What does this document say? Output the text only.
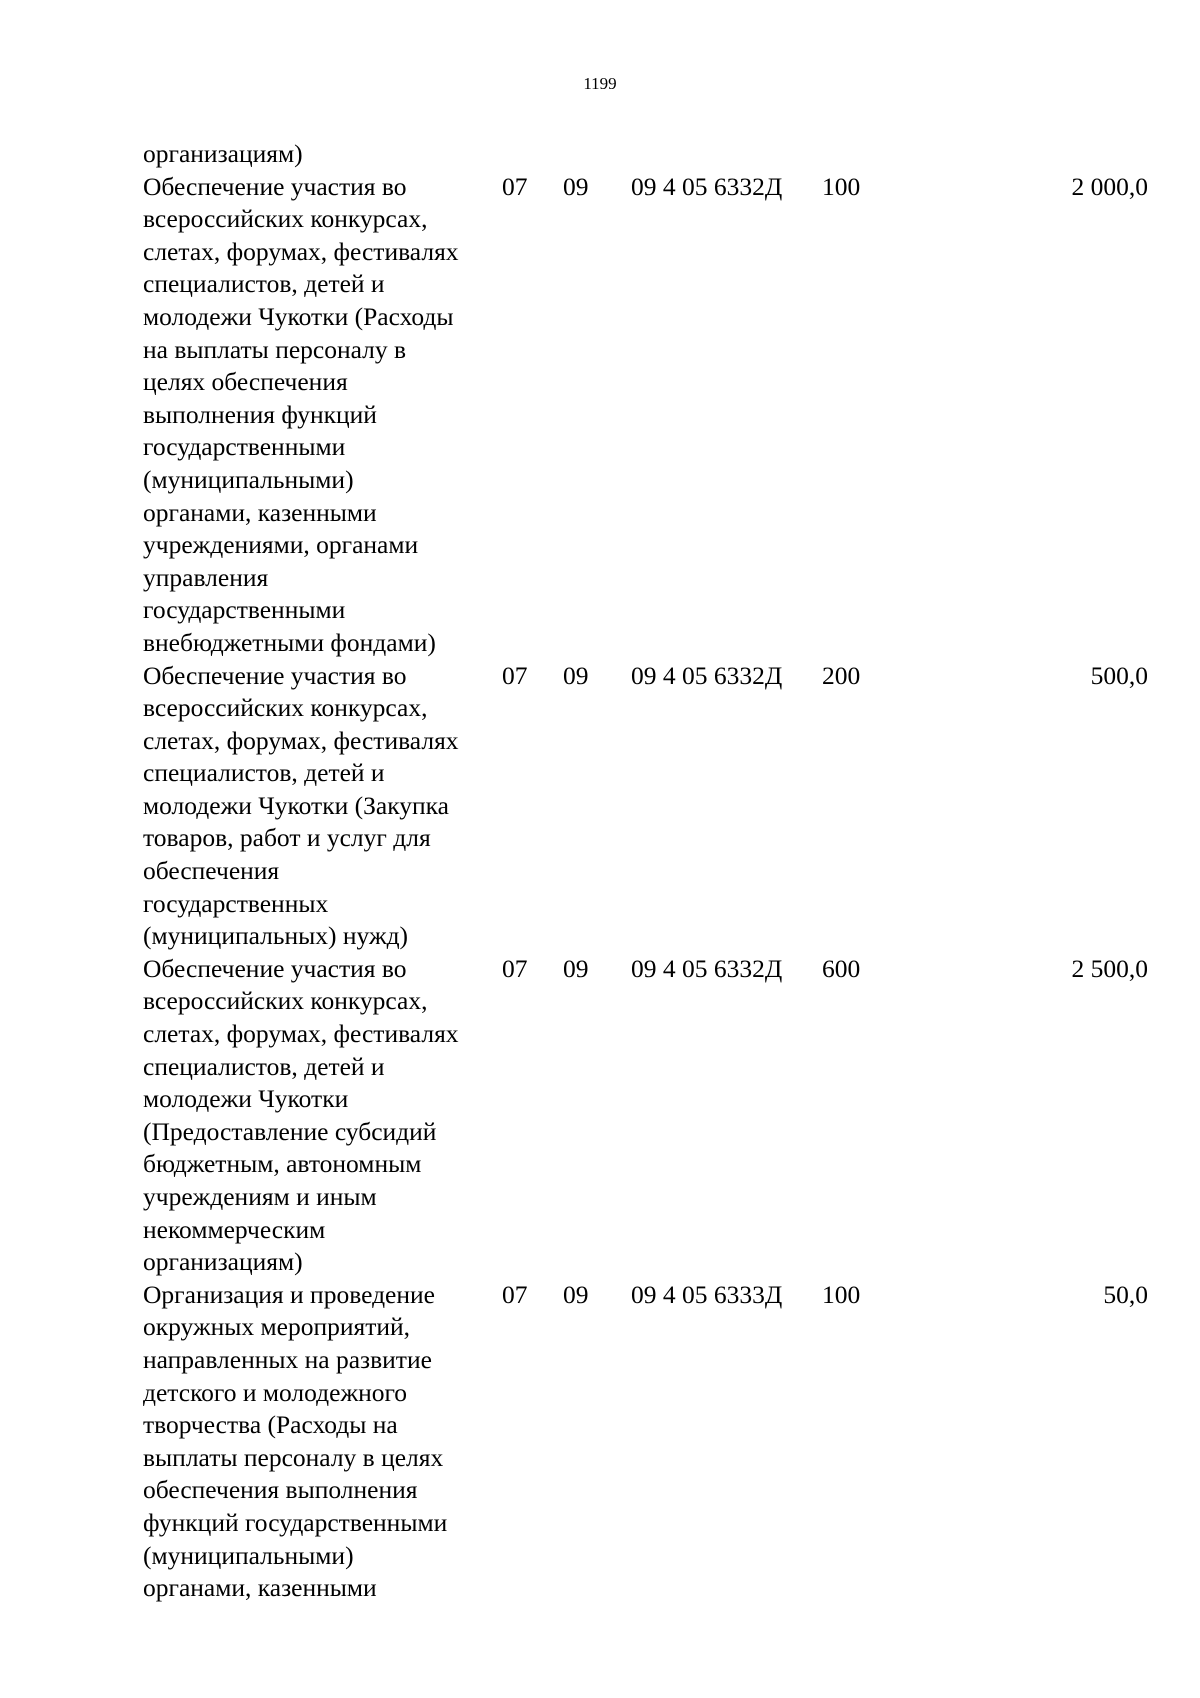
1199
организациям)
Обеспечение участия во
всероссийских конкурсах,
слетах, форумах, фестивалях
специалистов, детей и
молодежи Чукотки (Расходы
на выплаты персоналу в
целях обеспечения
выполнения функций
государственными
(муниципальными)
органами, казенными
учреждениями, органами
управления
государственными
внебюджетными фондами)
07 09 09 4 05 6332Д 100	2 000,0
Обеспечение участия во
всероссийских конкурсах,
слетах, форумах, фестивалях
специалистов, детей и
молодежи Чукотки (Закупка
товаров, работ и услуг для
обеспечения
государственных
(муниципальных) нужд)
07 09 09 4 05 6332Д 200	500,0
Обеспечение участия во
всероссийских конкурсах,
слетах, форумах, фестивалях
специалистов, детей и
молодежи Чукотки
(Предоставление субсидий
бюджетным, автономным
учреждениям и иным
некоммерческим
организациям)
07 09 09 4 05 6332Д 600	2 500,0
Организация и проведение
окружных мероприятий,
направленных на развитие
детского и молодежного
творчества (Расходы на
выплаты персоналу в целях
обеспечения выполнения
функций государственными
(муниципальными)
органами, казенными
07 09 09 4 05 6333Д 100	50,0
